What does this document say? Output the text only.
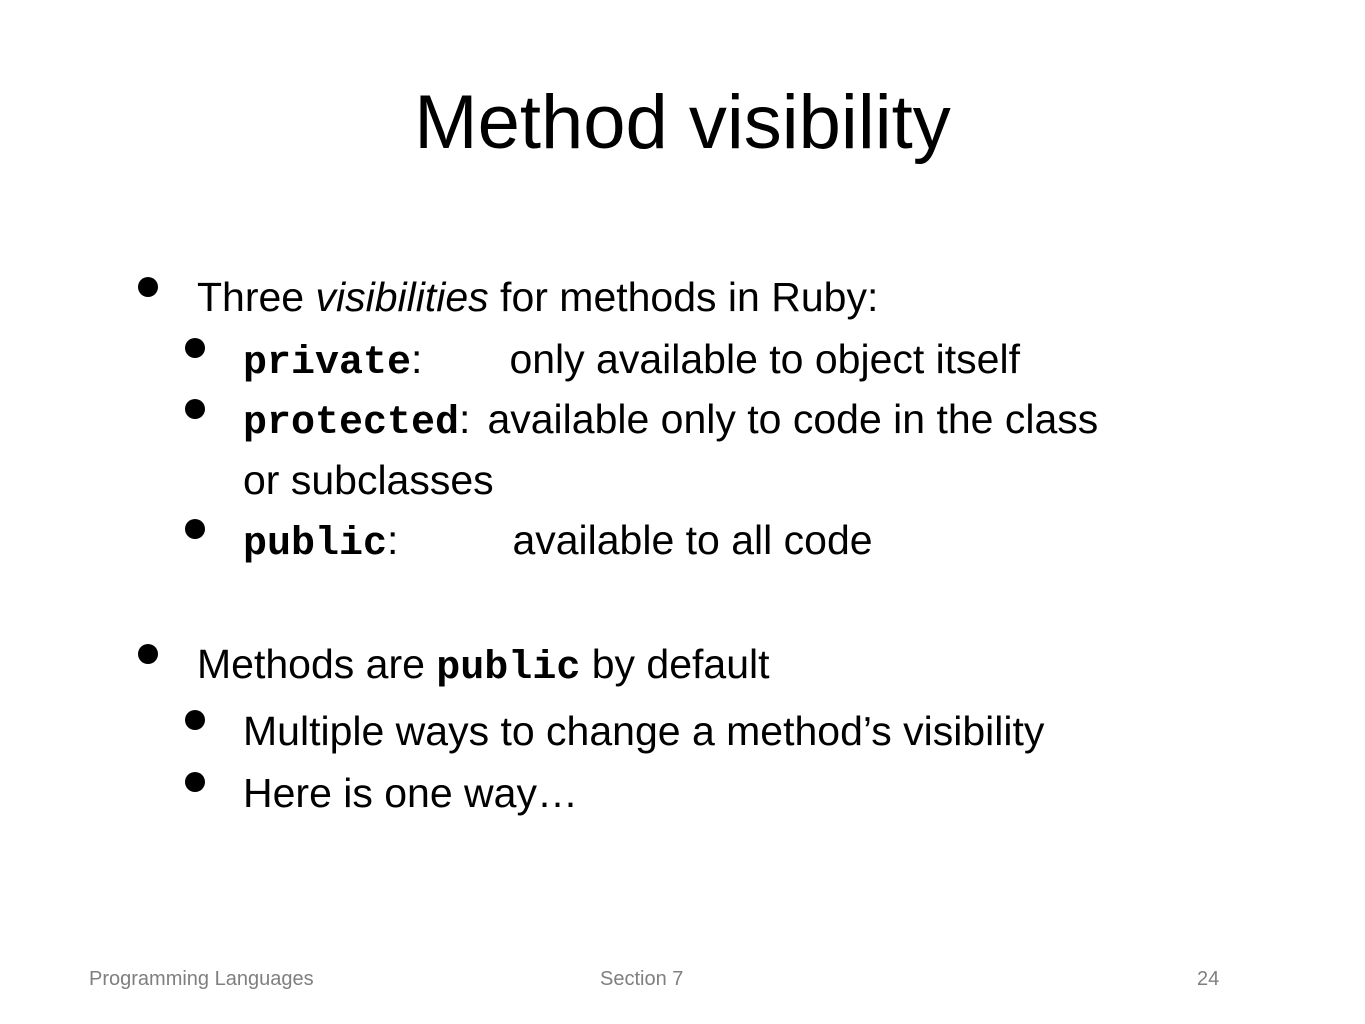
Method visibility
Three visibilities for methods in Ruby:
private: only available to object itself
protected: available only to code in the class
or subclasses
public:	available to all code
Methods are public by default
Multiple ways to change a method’s visibility
Here is one way…
Programming Languages	Section 7	24
